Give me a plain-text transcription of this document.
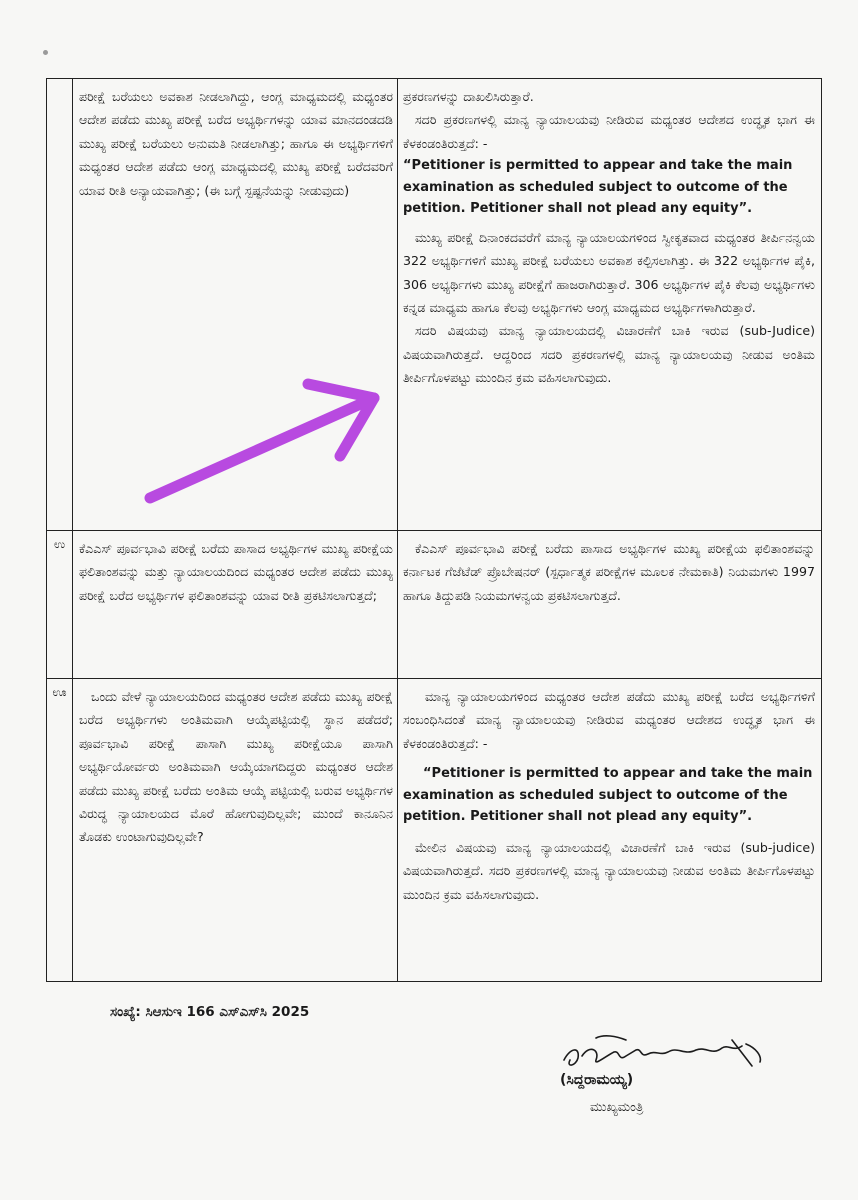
ಪರೀಕ್ಷೆ ಬರೆಯಲು ಅವಕಾಶ ನೀಡಲಾಗಿದ್ದು, ಆಂಗ್ಲ ಮಾಧ್ಯಮದಲ್ಲಿ ಮಧ್ಯಂತರ ಆದೇಶ ಪಡೆದು ಮುಖ್ಯ ಪರೀಕ್ಷೆ ಬರೆದ ಅಭ್ಯರ್ಥಿಗಳನ್ನು ಯಾವ ಮಾನದಂಡದಡಿ ಮುಖ್ಯ ಪರೀಕ್ಷೆ ಬರೆಯಲು ಅನುಮತಿ ನೀಡಲಾಗಿತ್ತು; ಹಾಗೂ ಈ ಅಭ್ಯರ್ಥಿಗಳಿಗೆ ಮಧ್ಯಂತರ ಆದೇಶ ಪಡೆದು ಆಂಗ್ಲ ಮಾಧ್ಯಮದಲ್ಲಿ ಮುಖ್ಯ ಪರೀಕ್ಷೆ ಬರೆದವರಿಗೆ ಯಾವ ರೀತಿ ಅನ್ಯಾಯವಾಗಿತ್ತು; (ಈ ಬಗ್ಗೆ ಸ್ಪಷ್ಟನೆಯನ್ನು ನೀಡುವುದು)

ಪ್ರಕರಣಗಳನ್ನು ದಾಖಲಿಸಿರುತ್ತಾರೆ.

ಸದರಿ ಪ್ರಕರಣಗಳಲ್ಲಿ ಮಾನ್ಯ ನ್ಯಾಯಾಲಯವು ನೀಡಿರುವ ಮಧ್ಯಂತರ ಆದೇಶದ ಉದ್ಧೃತ ಭಾಗ ಈ ಕೆಳಕಂಡಂತಿರುತ್ತದೆ: -

“Petitioner is permitted to appear and take the main examination as scheduled subject to outcome of the petition. Petitioner shall not plead any equity”.

ಮುಖ್ಯ ಪರೀಕ್ಷೆ ದಿನಾಂಕದವರೆಗೆ ಮಾನ್ಯ ನ್ಯಾಯಾಲಯಗಳಿಂದ ಸ್ವೀಕೃತವಾದ ಮಧ್ಯಂತರ ತೀರ್ಪಿನನ್ವಯ 322 ಅಭ್ಯರ್ಥಿಗಳಿಗೆ ಮುಖ್ಯ ಪರೀಕ್ಷೆ ಬರೆಯಲು ಅವಕಾಶ ಕಲ್ಪಿಸಲಾಗಿತ್ತು. ಈ 322 ಅಭ್ಯರ್ಥಿಗಳ ಪೈಕಿ, 306 ಅಭ್ಯರ್ಥಿಗಳು ಮುಖ್ಯ ಪರೀಕ್ಷೆಗೆ ಹಾಜರಾಗಿರುತ್ತಾರೆ. 306 ಅಭ್ಯರ್ಥಿಗಳ ಪೈಕಿ ಕೆಲವು ಅಭ್ಯರ್ಥಿಗಳು ಕನ್ನಡ ಮಾಧ್ಯಮ ಹಾಗೂ ಕೆಲವು ಅಭ್ಯರ್ಥಿಗಳು ಆಂಗ್ಲ ಮಾಧ್ಯಮದ ಅಭ್ಯರ್ಥಿಗಳಾಗಿರುತ್ತಾರೆ.

ಸದರಿ ವಿಷಯವು ಮಾನ್ಯ ನ್ಯಾಯಾಲಯದಲ್ಲಿ ವಿಚಾರಣೆಗೆ ಬಾಕಿ ಇರುವ (sub-Judice) ವಿಷಯವಾಗಿರುತ್ತದೆ. ಆದ್ದರಿಂದ ಸದರಿ ಪ್ರಕರಣಗಳಲ್ಲಿ ಮಾನ್ಯ ನ್ಯಾಯಾಲಯವು ನೀಡುವ ಅಂತಿಮ ತೀರ್ಪಿಗೊಳಪಟ್ಟು ಮುಂದಿನ ಕ್ರಮ ವಹಿಸಲಾಗುವುದು.

ಉ	ಕೆಎಎಸ್ ಪೂರ್ವಭಾವಿ ಪರೀಕ್ಷೆ ಬರೆದು ಪಾಸಾದ ಅಭ್ಯರ್ಥಿಗಳ ಮುಖ್ಯ ಪರೀಕ್ಷೆಯ ಫಲಿತಾಂಶವನ್ನು ಮತ್ತು ನ್ಯಾಯಾಲಯದಿಂದ ಮಧ್ಯಂತರ ಆದೇಶ ಪಡೆದು ಮುಖ್ಯ ಪರೀಕ್ಷೆ ಬರೆದ ಅಭ್ಯರ್ಥಿಗಳ ಫಲಿತಾಂಶವನ್ನು ಯಾವ ರೀತಿ ಪ್ರಕಟಿಸಲಾಗುತ್ತದೆ;

ಕೆಎಎಸ್ ಪೂರ್ವಭಾವಿ ಪರೀಕ್ಷೆ ಬರೆದು ಪಾಸಾದ ಅಭ್ಯರ್ಥಿಗಳ ಮುಖ್ಯ ಪರೀಕ್ಷೆಯ ಫಲಿತಾಂಶವನ್ನು ಕರ್ನಾಟಕ ಗೆಜೆಟೆಡ್ ಪ್ರೊಬೇಷನರ್ (ಸ್ಪರ್ಧಾತ್ಮಕ ಪರೀಕ್ಷೆಗಳ ಮೂಲಕ ನೇಮಕಾತಿ) ನಿಯಮಗಳು 1997 ಹಾಗೂ ತಿದ್ದುಪಡಿ ನಿಯಮಗಳನ್ವಯ ಪ್ರಕಟಿಸಲಾಗುತ್ತದೆ.

ಊ	ಒಂದು ವೇಳೆ ನ್ಯಾಯಾಲಯದಿಂದ ಮಧ್ಯಂತರ ಆದೇಶ ಪಡೆದು ಮುಖ್ಯ ಪರೀಕ್ಷೆ ಬರೆದ ಅಭ್ಯರ್ಥಿಗಳು ಅಂತಿಮವಾಗಿ ಆಯ್ಕೆಪಟ್ಟಿಯಲ್ಲಿ ಸ್ಥಾನ ಪಡೆದರೆ; ಪೂರ್ವಭಾವಿ ಪರೀಕ್ಷೆ ಪಾಸಾಗಿ ಮುಖ್ಯ ಪರೀಕ್ಷೆಯೂ ಪಾಸಾಗಿ ಅಭ್ಯರ್ಥಿಯೋರ್ವರು ಅಂತಿಮವಾಗಿ ಆಯ್ಕೆಯಾಗದಿದ್ದರು ಮಧ್ಯಂತರ ಆದೇಶ ಪಡೆದು ಮುಖ್ಯ ಪರೀಕ್ಷೆ ಬರೆದು ಅಂತಿಮ ಆಯ್ಕೆ ಪಟ್ಟಿಯಲ್ಲಿ ಬರುವ ಅಭ್ಯರ್ಥಿಗಳ ವಿರುದ್ಧ ನ್ಯಾಯಾಲಯದ ಮೊರೆ ಹೋಗುವುದಿಲ್ಲವೇ; ಮುಂದೆ ಕಾನೂನಿನ ತೊಡಕು ಉಂಟಾಗುವುದಿಲ್ಲವೇ?

ಮಾನ್ಯ ನ್ಯಾಯಾಲಯಗಳಿಂದ ಮಧ್ಯಂತರ ಆದೇಶ ಪಡೆದು ಮುಖ್ಯ ಪರೀಕ್ಷೆ ಬರೆದ ಅಭ್ಯರ್ಥಿಗಳಿಗೆ ಸಂಬಂಧಿಸಿದಂತೆ ಮಾನ್ಯ ನ್ಯಾಯಾಲಯವು ನೀಡಿರುವ ಮಧ್ಯಂತರ ಆದೇಶದ ಉದ್ಧೃತ ಭಾಗ ಈ ಕೆಳಕಂಡಂತಿರುತ್ತದೆ: -

“Petitioner is permitted to appear and take the main examination as scheduled subject to outcome of the petition. Petitioner shall not plead any equity”.

ಮೇಲಿನ ವಿಷಯವು ಮಾನ್ಯ ನ್ಯಾಯಾಲಯದಲ್ಲಿ ವಿಚಾರಣೆಗೆ ಬಾಕಿ ಇರುವ (sub-judice) ವಿಷಯವಾಗಿರುತ್ತದೆ. ಸದರಿ ಪ್ರಕರಣಗಳಲ್ಲಿ ಮಾನ್ಯ ನ್ಯಾಯಾಲಯವು ನೀಡುವ ಅಂತಿಮ ತೀರ್ಪಿಗೊಳಪಟ್ಟು ಮುಂದಿನ ಕ್ರಮ ವಹಿಸಲಾಗುವುದು.

ಸಂಖ್ಯೆ: ಸಿಆಸುಇ 166 ಎಸ್ಎಸ್‌ಸಿ 2025
(ಸಿದ್ದರಾಮಯ್ಯ)
ಮುಖ್ಯಮಂತ್ರಿ
